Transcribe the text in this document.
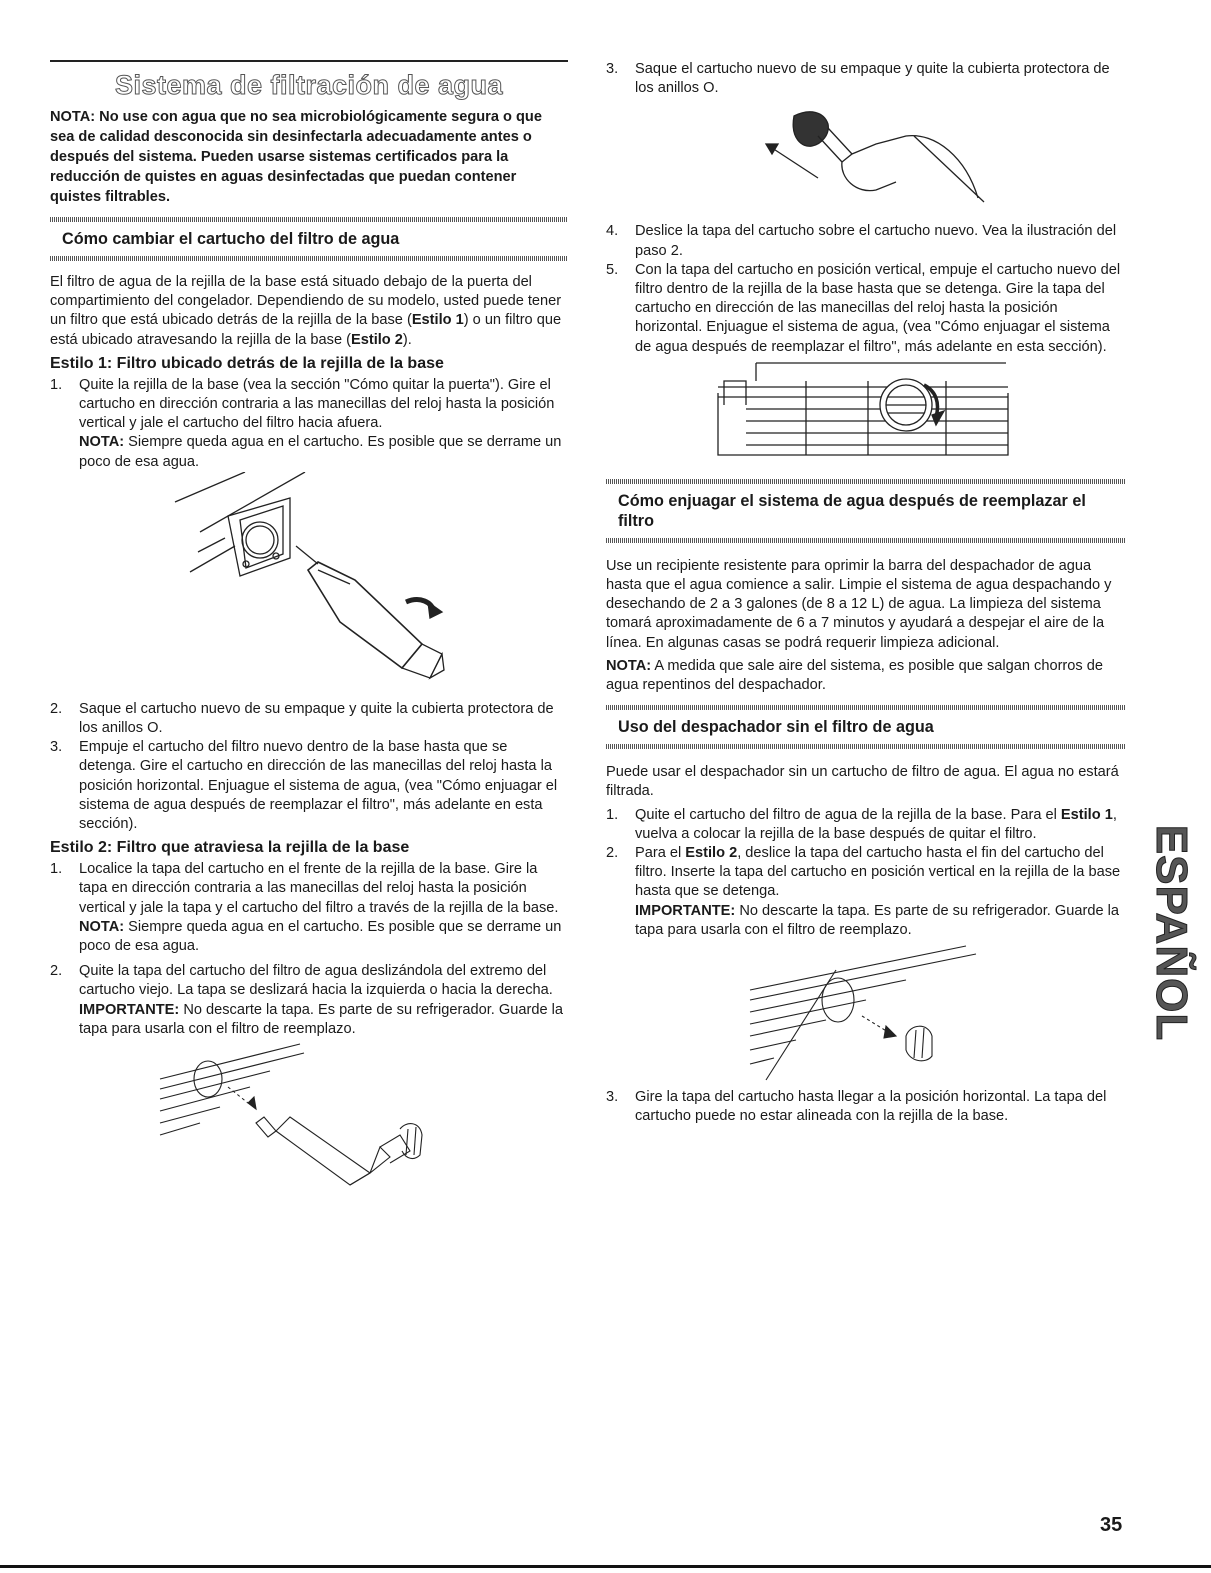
Sistema de filtración de agua

NOTA: No use con agua que no sea microbiológicamente segura o que sea de calidad desconocida sin desinfectarla adecuadamente antes o después del sistema. Pueden usarse sistemas certificados para la reducción de quistes en aguas desinfectadas que puedan contener quistes filtrables.

Cómo cambiar el cartucho del filtro de agua

El filtro de agua de la rejilla de la base está situado debajo de la puerta del compartimiento del congelador. Dependiendo de su modelo, usted puede tener un filtro que está ubicado detrás de la rejilla de la base (Estilo 1) o un filtro que está ubicado atravesando la rejilla de la base (Estilo 2).

Estilo 1: Filtro ubicado detrás de la rejilla de la base
1.	Quite la rejilla de la base (vea la sección "Cómo quitar la puerta"). Gire el cartucho en dirección contraria a las manecillas del reloj hasta la posición vertical y jale el cartucho del filtro hacia afuera.
NOTA: Siempre queda agua en el cartucho. Es posible que se derrame un poco de esa agua.
2.	Saque el cartucho nuevo de su empaque y quite la cubierta protectora de los anillos O.
3.	Empuje el cartucho del filtro nuevo dentro de la base hasta que se detenga. Gire el cartucho en dirección de las manecillas del reloj hasta la posición horizontal. Enjuague el sistema de agua, (vea "Cómo enjuagar el sistema de agua después de reemplazar el filtro", más adelante en esta sección).
Estilo 2: Filtro que atraviesa la rejilla de la base
1.	Localice la tapa del cartucho en el frente de la rejilla de la base. Gire la tapa en dirección contraria a las manecillas del reloj hasta la posición vertical y jale la tapa y el cartucho del filtro a través de la rejilla de la base.
NOTA: Siempre queda agua en el cartucho. Es posible que se derrame un poco de esa agua.
2.	Quite la tapa del cartucho del filtro de agua deslizándola del extremo del cartucho viejo. La tapa se deslizará hacia la izquierda o hacia la derecha.
IMPORTANTE: No descarte la tapa. Es parte de su refrigerador. Guarde la tapa para usarla con el filtro de reemplazo.
3.	Saque el cartucho nuevo de su empaque y quite la cubierta protectora de los anillos O.
4.	Deslice la tapa del cartucho sobre el cartucho nuevo. Vea la ilustración del paso 2.
5.	Con la tapa del cartucho en posición vertical, empuje el cartucho nuevo del filtro dentro de la rejilla de la base hasta que se detenga. Gire la tapa del cartucho en dirección de las manecillas del reloj hasta la posición horizontal. Enjuague el sistema de agua, (vea "Cómo enjuagar el sistema de agua después de reemplazar el filtro", más adelante en esta sección).
Cómo enjuagar el sistema de agua después de reemplazar el filtro

Use un recipiente resistente para oprimir la barra del despachador de agua hasta que el agua comience a salir. Limpie el sistema de agua despachando y desechando de 2 a 3 galones (de 8 a 12 L) de agua. La limpieza del sistema tomará aproximadamente de 6 a 7 minutos y ayudará a despejar el aire de la línea. En algunas casas se podrá requerir limpieza adicional.

NOTA: A medida que sale aire del sistema, es posible que salgan chorros de agua repentinos del despachador.

Uso del despachador sin el filtro de agua

Puede usar el despachador sin un cartucho de filtro de agua. El agua no estará filtrada.

1.	Quite el cartucho del filtro de agua de la rejilla de la base. Para el Estilo 1, vuelva a colocar la rejilla de la base después de quitar el filtro.
2.	Para el Estilo 2, deslice la tapa del cartucho hasta el fin del cartucho del filtro. Inserte la tapa del cartucho en posición vertical en la rejilla de la base hasta que se detenga.
IMPORTANTE: No descarte la tapa. Es parte de su refrigerador. Guarde la tapa para usarla con el filtro de reemplazo.
3.	Gire la tapa del cartucho hasta llegar a la posición horizontal. La tapa del cartucho puede no estar alineada con la rejilla de la base.
ESPAÑOL
35
